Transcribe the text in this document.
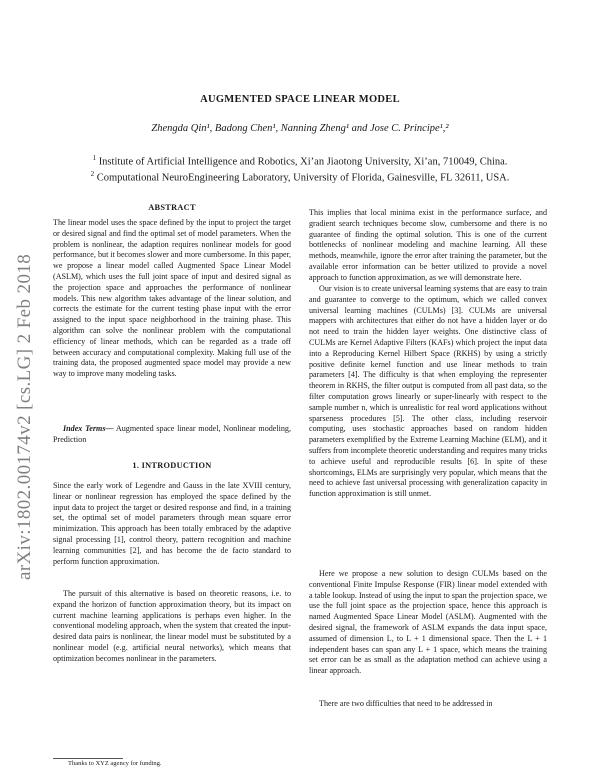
arXiv:1802.00174v2 [cs.LG] 2 Feb 2018
AUGMENTED SPACE LINEAR MODEL

Zhengda Qin¹, Badong Chen¹, Nanning Zheng¹ and Jose C. Principe¹,²

$^1$ Institute of Artificial Intelligence and Robotics, Xi’an Jiaotong University, Xi’an, 710049, China.
$^2$ Computational NeuroEngineering Laboratory, University of Florida, Gainesville, FL 32611, USA.
ABSTRACT

The linear model uses the space defined by the input to project the target or desired signal and find the optimal set of model parameters. When the problem is nonlinear, the adaption requires nonlinear models for good performance, but it becomes slower and more cumbersome. In this paper, we propose a linear model called Augmented Space Linear Model (ASLM), which uses the full joint space of input and desired signal as the projection space and approaches the performance of nonlinear models. This new algorithm takes advantage of the linear solution, and corrects the estimate for the current testing phase input with the error assigned to the input space neighborhood in the training phase. This algorithm can solve the nonlinear problem with the computational efficiency of linear methods, which can be regarded as a trade off between accuracy and computational complexity. Making full use of the training data, the proposed augmented space model may provide a new way to improve many modeling tasks.

Index Terms— Augmented space linear model, Nonlinear modeling, Prediction

1. INTRODUCTION

Since the early work of Legendre and Gauss in the late XVIII century, linear or nonlinear regression has employed the space defined by the input data to project the target or desired response and find, in a training set, the optimal set of model parameters through mean square error minimization. This approach has been totally embraced by the adaptive signal processing [1], control theory, pattern recognition and machine learning communities [2], and has become the de facto standard to perform function approximation.

The pursuit of this alternative is based on theoretic reasons, i.e. to expand the horizon of function approximation theory, but its impact on current machine learning applications is perhaps even higher. In the conventional modeling approach, when the system that created the input-desired data pairs is nonlinear, the linear model must be substituted by a nonlinear model (e.g. artificial neural networks), which means that optimization becomes nonlinear in the parameters.

This implies that local minima exist in the performance surface, and gradient search techniques become slow, cumbersome and there is no guarantee of finding the optimal solution. This is one of the current bottlenecks of nonlinear modeling and machine learning. All these methods, meanwhile, ignore the error after training the parameter, but the available error information can be better utilized to provide a novel approach to function approximation, as we will demonstrate here.

Our vision is to create universal learning systems that are easy to train and guarantee to converge to the optimum, which we called convex universal learning machines (CULMs) [3]. CULMs are universal mappers with architectures that either do not have a hidden layer or do not need to train the hidden layer weights. One distinctive class of CULMs are Kernel Adaptive Filters (KAFs) which project the input data into a Reproducing Kernel Hilbert Space (RKHS) by using a strictly positive definite kernel function and use linear methods to train parameters [4]. The difficulty is that when employing the representer theorem in RKHS, the filter output is computed from all past data, so the filter computation grows linearly or super-linearly with respect to the sample number n, which is unrealistic for real word applications without sparseness procedures [5]. The other class, including reservoir computing, uses stochastic approaches based on random hidden parameters exemplified by the Extreme Learning Machine (ELM), and it suffers from incomplete theoretic understanding and requires many tricks to achieve useful and reproducible results [6]. In spite of these shortcomings, ELMs are surprisingly very popular, which means that the need to achieve fast universal processing with generalization capacity in function approximation is still unmet.

Here we propose a new solution to design CULMs based on the conventional Finite Impulse Response (FIR) linear model extended with a table lookup. Instead of using the input to span the projection space, we use the full joint space as the projection space, hence this approach is named Augmented Space Linear Model (ASLM). Augmented with the desired signal, the framework of ASLM expands the data input space, assumed of dimension L, to L + 1 dimensional space. Then the L + 1 independent bases can span any L + 1 space, which means the training set error can be as small as the adaptation method can achieve using a linear approach.

There are two difficulties that need to be addressed in

Thanks to XYZ agency for funding.
